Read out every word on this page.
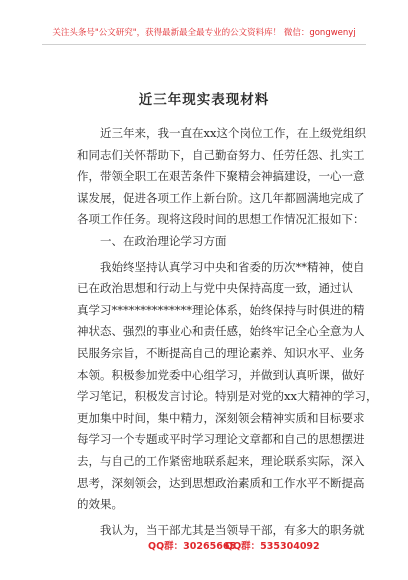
关注头条号"公文研究"，获得最新最全最专业的公文资料库！ 微信：gongwenyj
近三年现实表现材料
　　近三年来，我一直在xx这个岗位工作，在上级党组织
和同志们关怀帮助下，自己勤奋努力、任劳任怨、扎实工
作，带领全职工在艰苦条件下聚精会神搞建设，一心一意
谋发展，促进各项工作上新台阶。这几年都圆满地完成了
各项工作任务。现将这段时间的思想工作情况汇报如下：
　　一、在政治理论学习方面
　　我始终坚持认真学习中央和省委的历次**精神，使自
已在政治思想和行动上与党中央保持高度一致，通过认
真学习**************理论体系，始终保持与时俱进的精
神状态、强烈的事业心和责任感，始终牢记全心全意为人
民服务宗旨，不断提高自己的理论素养、知识水平、业务
本领。积极参加党委中心组学习，并做到认真听课，做好
学习笔记，积极发言讨论。特别是对党的xx大精神的学习，
更加集中时间，集中精力，深刻领会精神实质和目标要求
每学习一个专题或平时学习理论文章都和自己的思想摆进
去，与自己的工作紧密地联系起来，理论联系实际，深入
思考，深刻领会，达到思想政治素质和工作水平不断提高
的效果。
　　我认为，当干部尤其是当领导干部，有多大的职务就
QQ群：30265665
QQ群：535304092
